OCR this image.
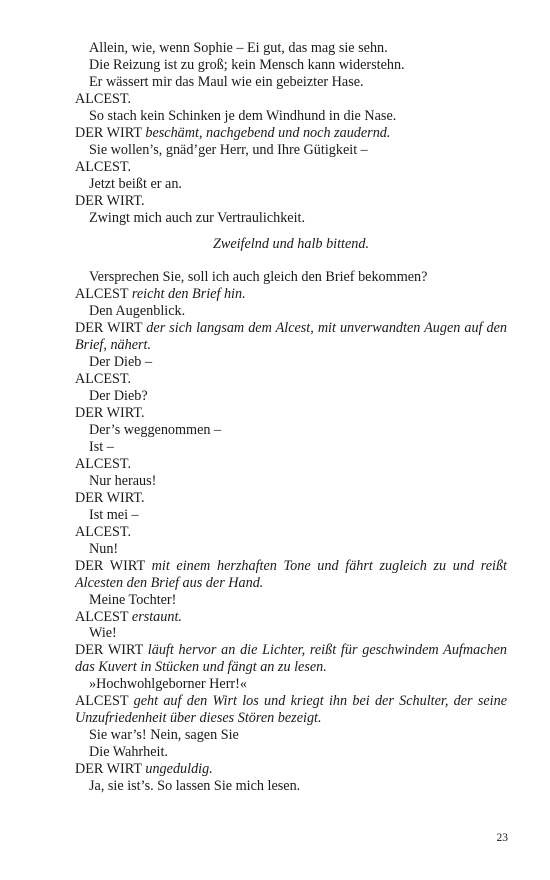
Allein, wie, wenn Sophie – Ei gut, das mag sie sehn.
Die Reizung ist zu groß; kein Mensch kann widerstehn.
Er wässert mir das Maul wie ein gebeizter Hase.
ALCEST.
So stach kein Schinken je dem Windhund in die Nase.
DER WIRT beschämt, nachgebend und noch zaudernd.
Sie wollen’s, gnäd’ger Herr, und Ihre Gütigkeit –
ALCEST.
Jetzt beißt er an.
DER WIRT.
Zwingt mich auch zur Vertraulichkeit.
Zweifelnd und halb bittend.
Versprechen Sie, soll ich auch gleich den Brief bekommen?
ALCEST reicht den Brief hin.
Den Augenblick.
DER WIRT der sich langsam dem Alcest, mit unverwandten Augen auf den Brief, nähert.
Der Dieb –
ALCEST.
Der Dieb?
DER WIRT.
Der’s weggenommen –
Ist –
ALCEST.
Nur heraus!
DER WIRT.
Ist mei –
ALCEST.
Nun!
DER WIRT mit einem herzhaften Tone und fährt zugleich zu und reißt Alcesten den Brief aus der Hand.
Meine Tochter!
ALCEST erstaunt.
Wie!
DER WIRT läuft hervor an die Lichter, reißt für geschwindem Aufmachen das Kuvert in Stücken und fängt an zu lesen.
»Hochwohlgeborner Herr!«
ALCEST geht auf den Wirt los und kriegt ihn bei der Schulter, der seine Unzufriedenheit über dieses Stören bezeigt.
Sie war’s! Nein, sagen Sie
Die Wahrheit.
DER WIRT ungeduldig.
Ja, sie ist’s. So lassen Sie mich lesen.
23
